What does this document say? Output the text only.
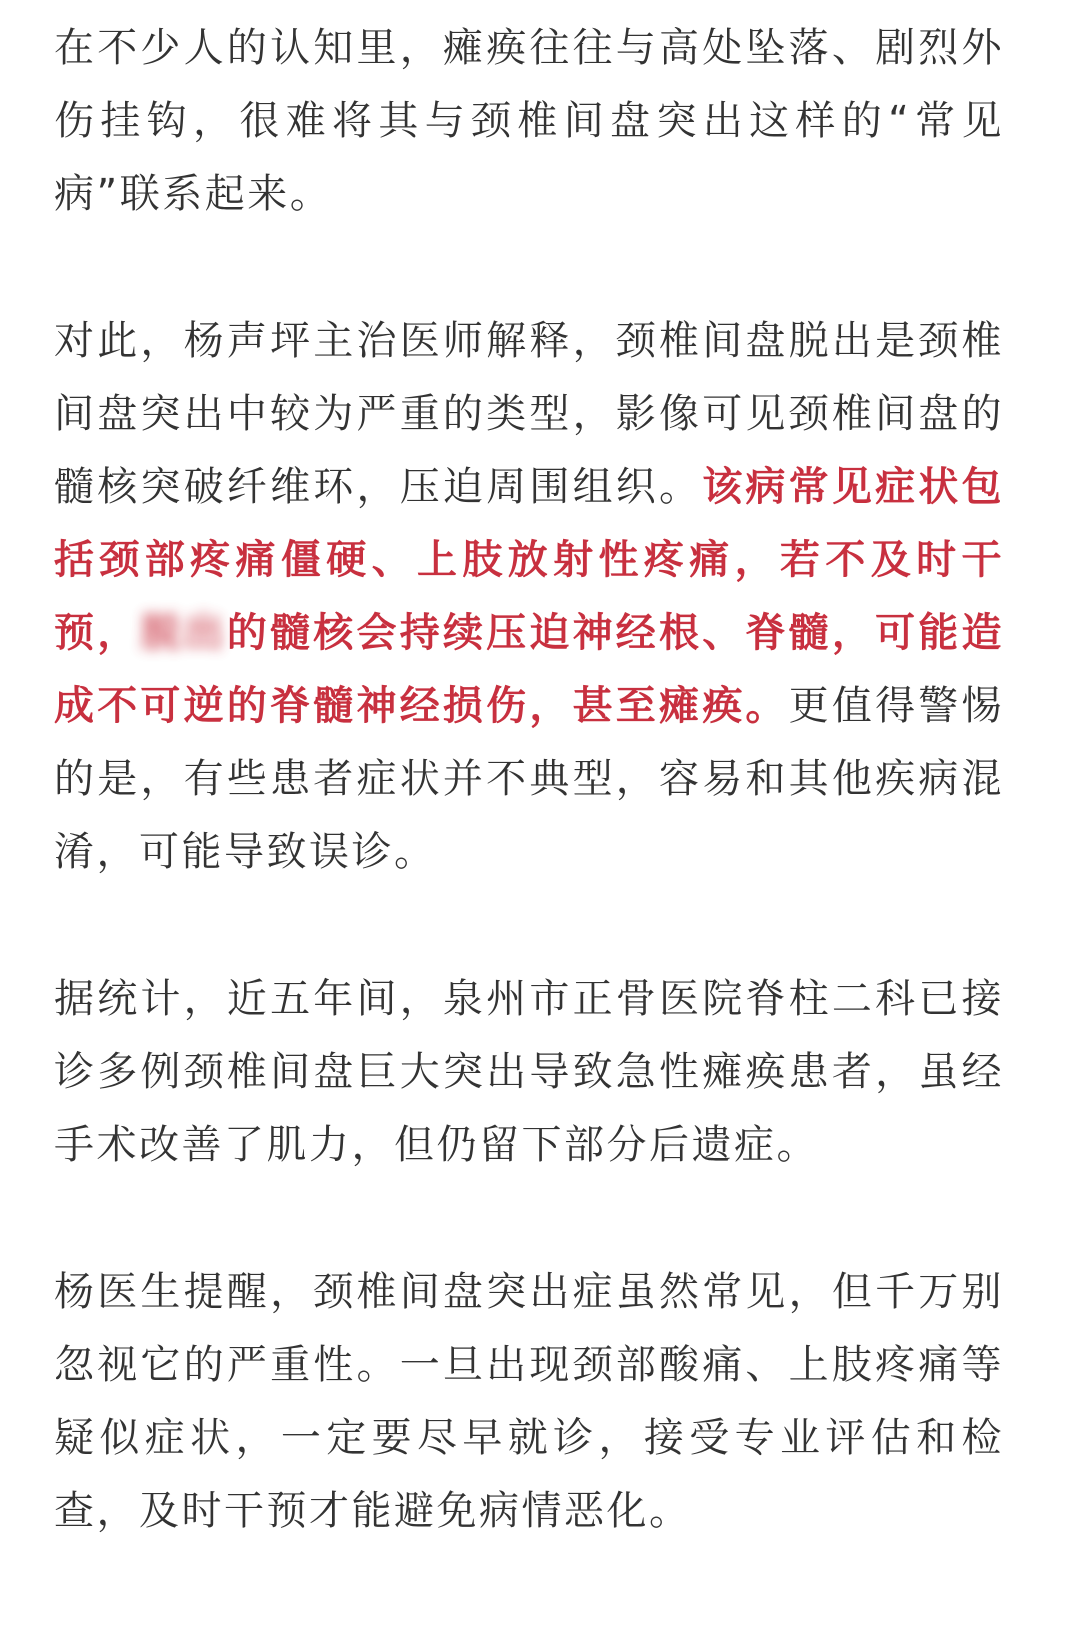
在不少人的认知里，瘫痪往往与高处坠落、剧烈外伤挂钩，很难将其与颈椎间盘突出这样的“常见病”联系起来。

对此，杨声坪主治医师解释，颈椎间盘脱出是颈椎间盘突出中较为严重的类型，影像可见颈椎间盘的髓核突破纤维环，压迫周围组织。该病常见症状包括颈部疼痛僵硬、上肢放射性疼痛，若不及时干预，脱出的髓核会持续压迫神经根、脊髓，可能造成不可逆的脊髓神经损伤，甚至瘫痪。更值得警惕的是，有些患者症状并不典型，容易和其他疾病混淆，可能导致误诊。

据统计，近五年间，泉州市正骨医院脊柱二科已接诊多例颈椎间盘巨大突出导致急性瘫痪患者，虽经手术改善了肌力，但仍留下部分后遗症。

杨医生提醒，颈椎间盘突出症虽然常见，但千万别忽视它的严重性。一旦出现颈部酸痛、上肢疼痛等疑似症状，一定要尽早就诊，接受专业评估和检查，及时干预才能避免病情恶化。
